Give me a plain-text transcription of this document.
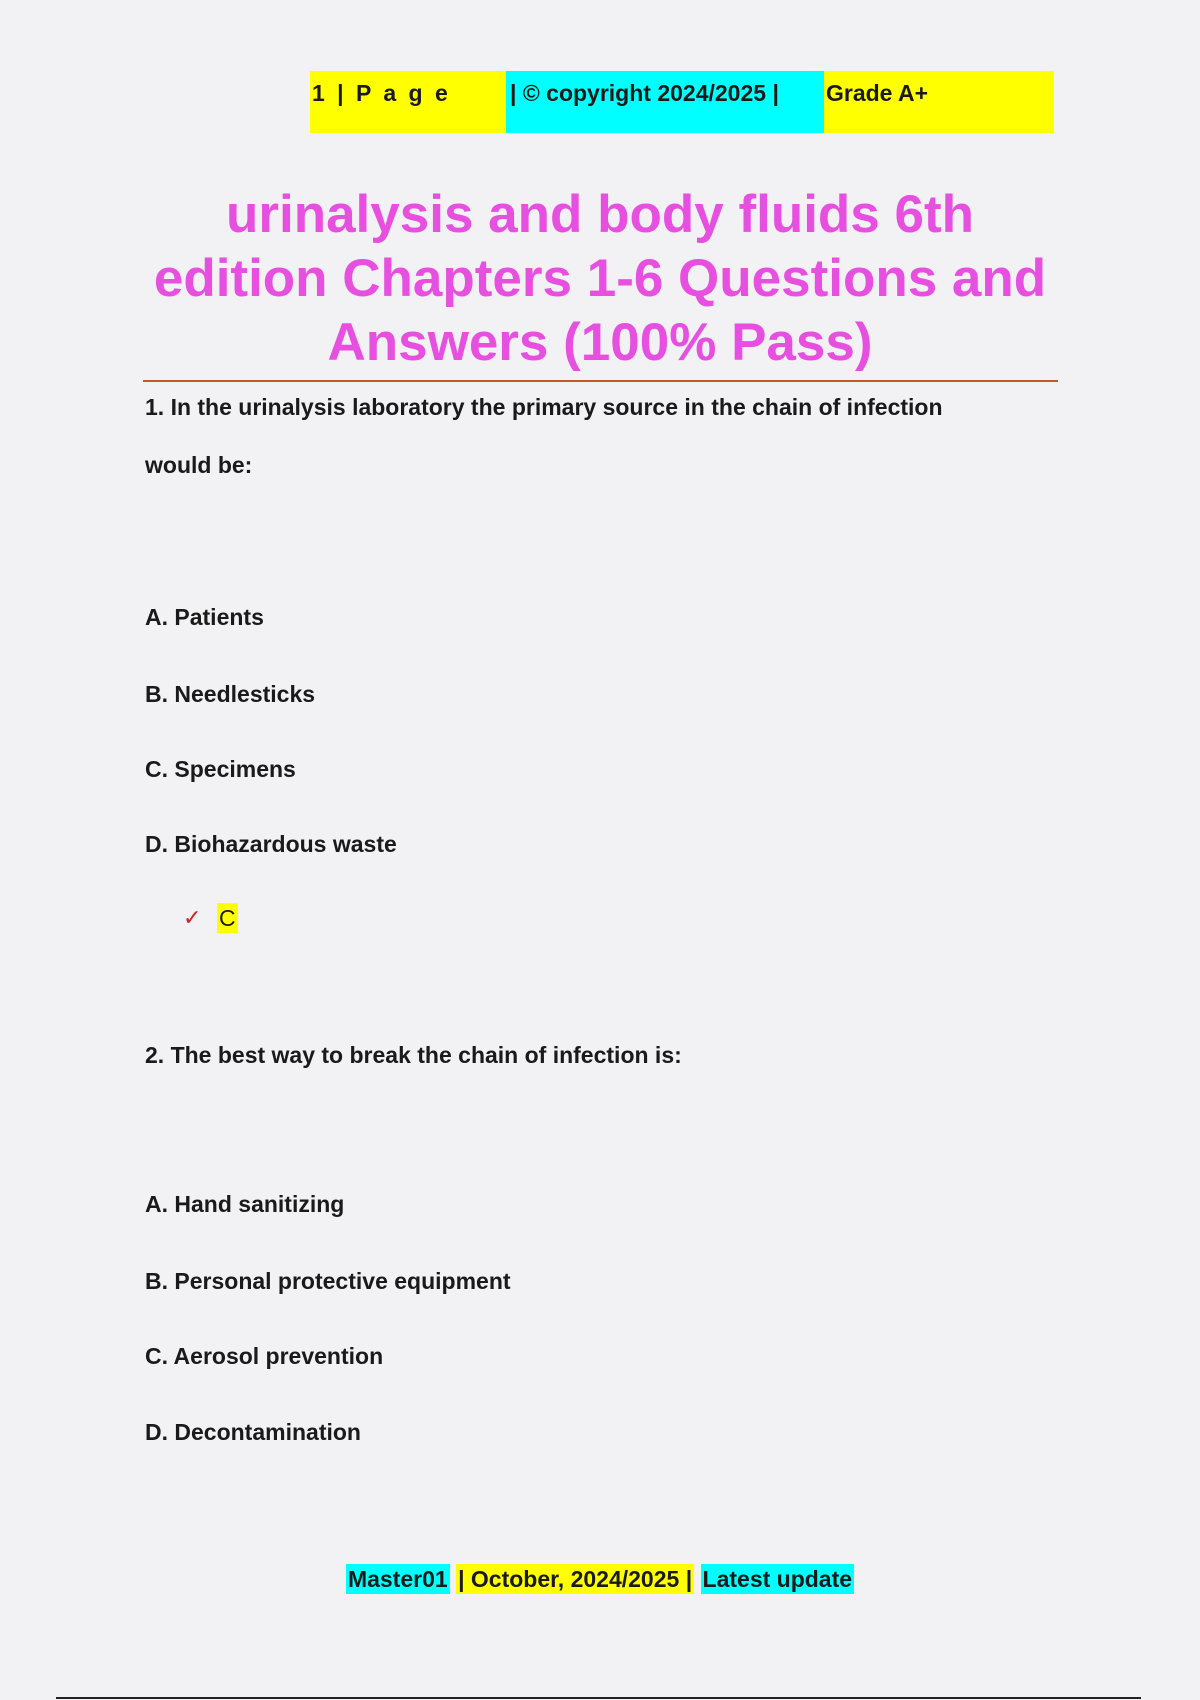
1 | P a g e	| © copyright 2024/2025 |	Grade A+
urinalysis and body fluids 6th edition Chapters 1-6 Questions and Answers (100% Pass)
1. In the urinalysis laboratory the primary source in the chain of infection
would be:
A. Patients
B. Needlesticks
C. Specimens
D. Biohazardous waste
✓ C
2. The best way to break the chain of infection is:
A. Hand sanitizing
B. Personal protective equipment
C. Aerosol prevention
D. Decontamination
Master01 | October, 2024/2025 | Latest update
